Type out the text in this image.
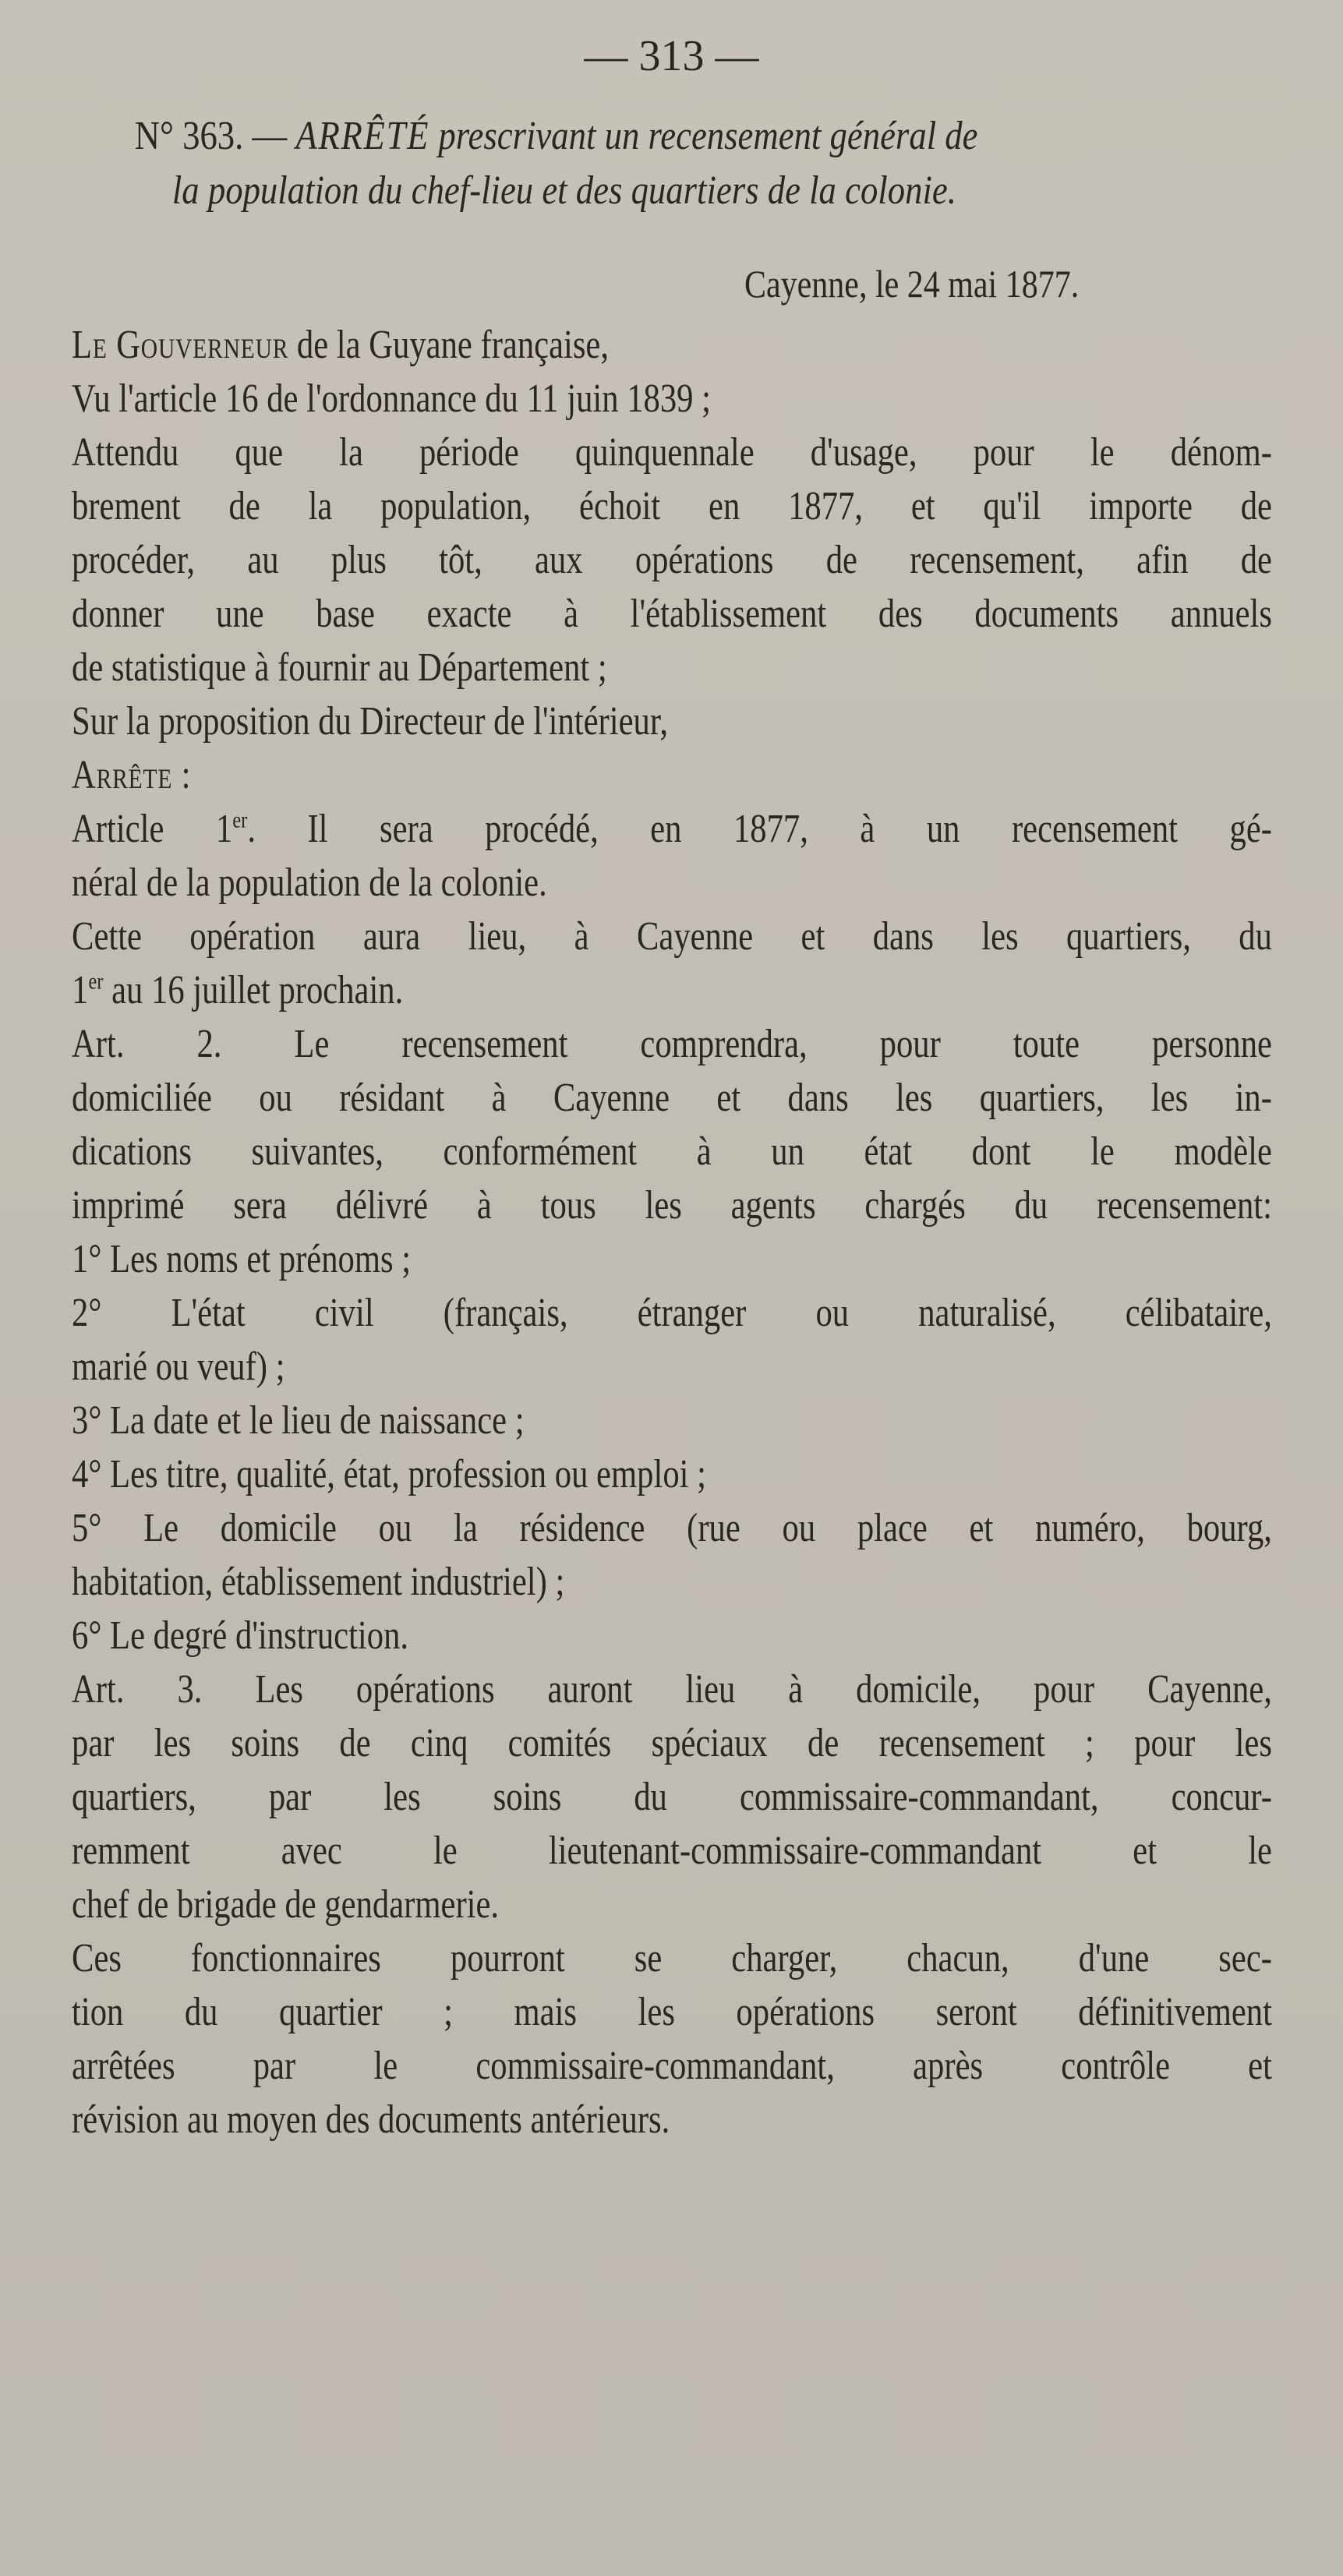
— 313 —
N° 363. — ARRÊTÉ prescrivant un recensement général de
la population du chef-lieu et des quartiers de la colonie.
Cayenne, le 24 mai 1877.
Le Gouverneur de la Guyane française,
Vu l'article 16 de l'ordonnance du 11 juin 1839 ;
Attendu que la période quinquennale d'usage, pour le dénom-
brement de la population, échoit en 1877, et qu'il importe de
procéder, au plus tôt, aux opérations de recensement, afin de
donner une base exacte à l'établissement des documents annuels
de statistique à fournir au Département ;
Sur la proposition du Directeur de l'intérieur,
Arrête :
Article 1er. Il sera procédé, en 1877, à un recensement gé-
néral de la population de la colonie.
Cette opération aura lieu, à Cayenne et dans les quartiers, du
1er au 16 juillet prochain.
Art. 2. Le recensement comprendra, pour toute personne
domiciliée ou résidant à Cayenne et dans les quartiers, les in-
dications suivantes, conformément à un état dont le modèle
imprimé sera délivré à tous les agents chargés du recensement:
1° Les noms et prénoms ;
2° L'état civil (français, étranger ou naturalisé, célibataire,
marié ou veuf) ;
3° La date et le lieu de naissance ;
4° Les titre, qualité, état, profession ou emploi ;
5° Le domicile ou la résidence (rue ou place et numéro, bourg,
habitation, établissement industriel) ;
6° Le degré d'instruction.
Art. 3. Les opérations auront lieu à domicile, pour Cayenne,
par les soins de cinq comités spéciaux de recensement ; pour les
quartiers, par les soins du commissaire-commandant, concur-
remment avec le lieutenant-commissaire-commandant et le
chef de brigade de gendarmerie.
Ces fonctionnaires pourront se charger, chacun, d'une sec-
tion du quartier ; mais les opérations seront définitivement
arrêtées par le commissaire-commandant, après contrôle et
révision au moyen des documents antérieurs.
